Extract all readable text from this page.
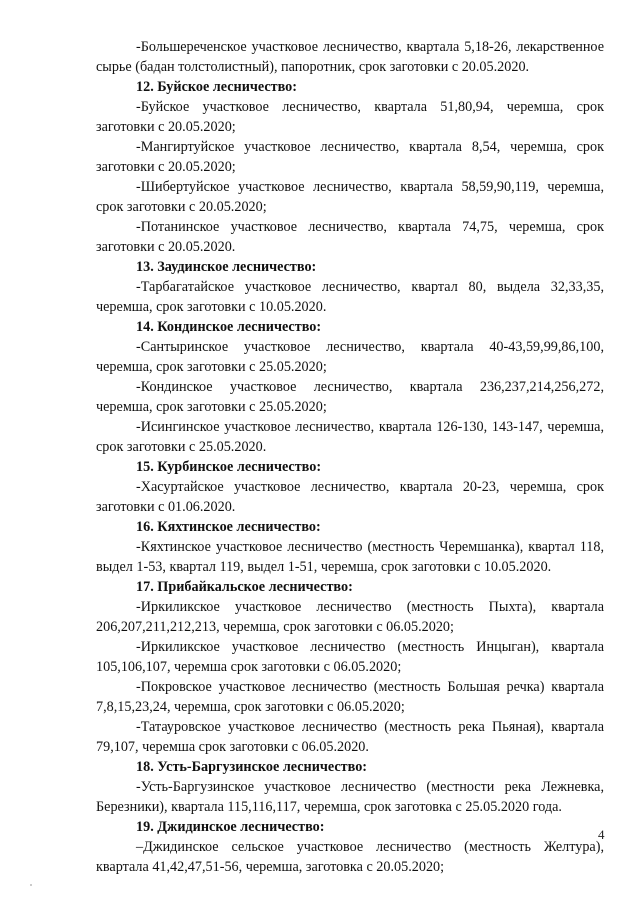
-Большереченское участковое лесничество, квартала 5,18-26, лекарственное сырье (бадан толстолистный), папоротник, срок заготовки с 20.05.2020.

12. Буйское лесничество:

-Буйское участковое лесничество, квартала 51,80,94, черемша, срок заготовки с 20.05.2020;

-Мангиртуйское участковое лесничество, квартала 8,54, черемша, срок заготовки с 20.05.2020;

-Шибертуйское участковое лесничество, квартала 58,59,90,119, черемша, срок заготовки с 20.05.2020;

-Потанинское участковое лесничество, квартала 74,75, черемша, срок заготовки с 20.05.2020.

13. Заудинское лесничество:

-Тарбагатайское участковое лесничество, квартал 80, выдела 32,33,35, черемша, срок заготовки с 10.05.2020.

14. Кондинское лесничество:

-Сантыринское участковое лесничество, квартала 40-43,59,99,86,100, черемша, срок заготовки с 25.05.2020;

-Кондинское участковое лесничество, квартала 236,237,214,256,272, черемша, срок заготовки с 25.05.2020;

-Исингинское участковое лесничество, квартала 126-130, 143-147, черемша, срок заготовки с 25.05.2020.

15. Курбинское лесничество:

-Хасуртайское участковое лесничество, квартала 20-23, черемша, срок заготовки с 01.06.2020.

16. Кяхтинское лесничество:

-Кяхтинское участковое лесничество (местность Черемшанка), квартал 118, выдел 1-53, квартал 119, выдел 1-51, черемша, срок заготовки с 10.05.2020.

17. Прибайкальское лесничество:

-Иркиликское участковое лесничество (местность Пыхта), квартала 206,207,211,212,213, черемша, срок заготовки с 06.05.2020;

-Иркиликское участковое лесничество (местность Инцыган), квартала 105,106,107, черемша срок заготовки с 06.05.2020;

-Покровское участковое лесничество (местность Большая речка) квартала 7,8,15,23,24, черемша, срок заготовки с 06.05.2020;

-Татауровское участковое лесничество (местность река Пьяная), квартала 79,107, черемша срок заготовки с 06.05.2020.

18. Усть-Баргузинское лесничество:

-Усть-Баргузинское участковое лесничество (местности река Лежневка, Березники), квартала 115,116,117, черемша, срок заготовка с 25.05.2020 года.

19. Джидинское лесничество:

–Джидинское сельское участковое лесничество (местность Желтура), квартала 41,42,47,51-56, черемша, заготовка с 20.05.2020;

4
